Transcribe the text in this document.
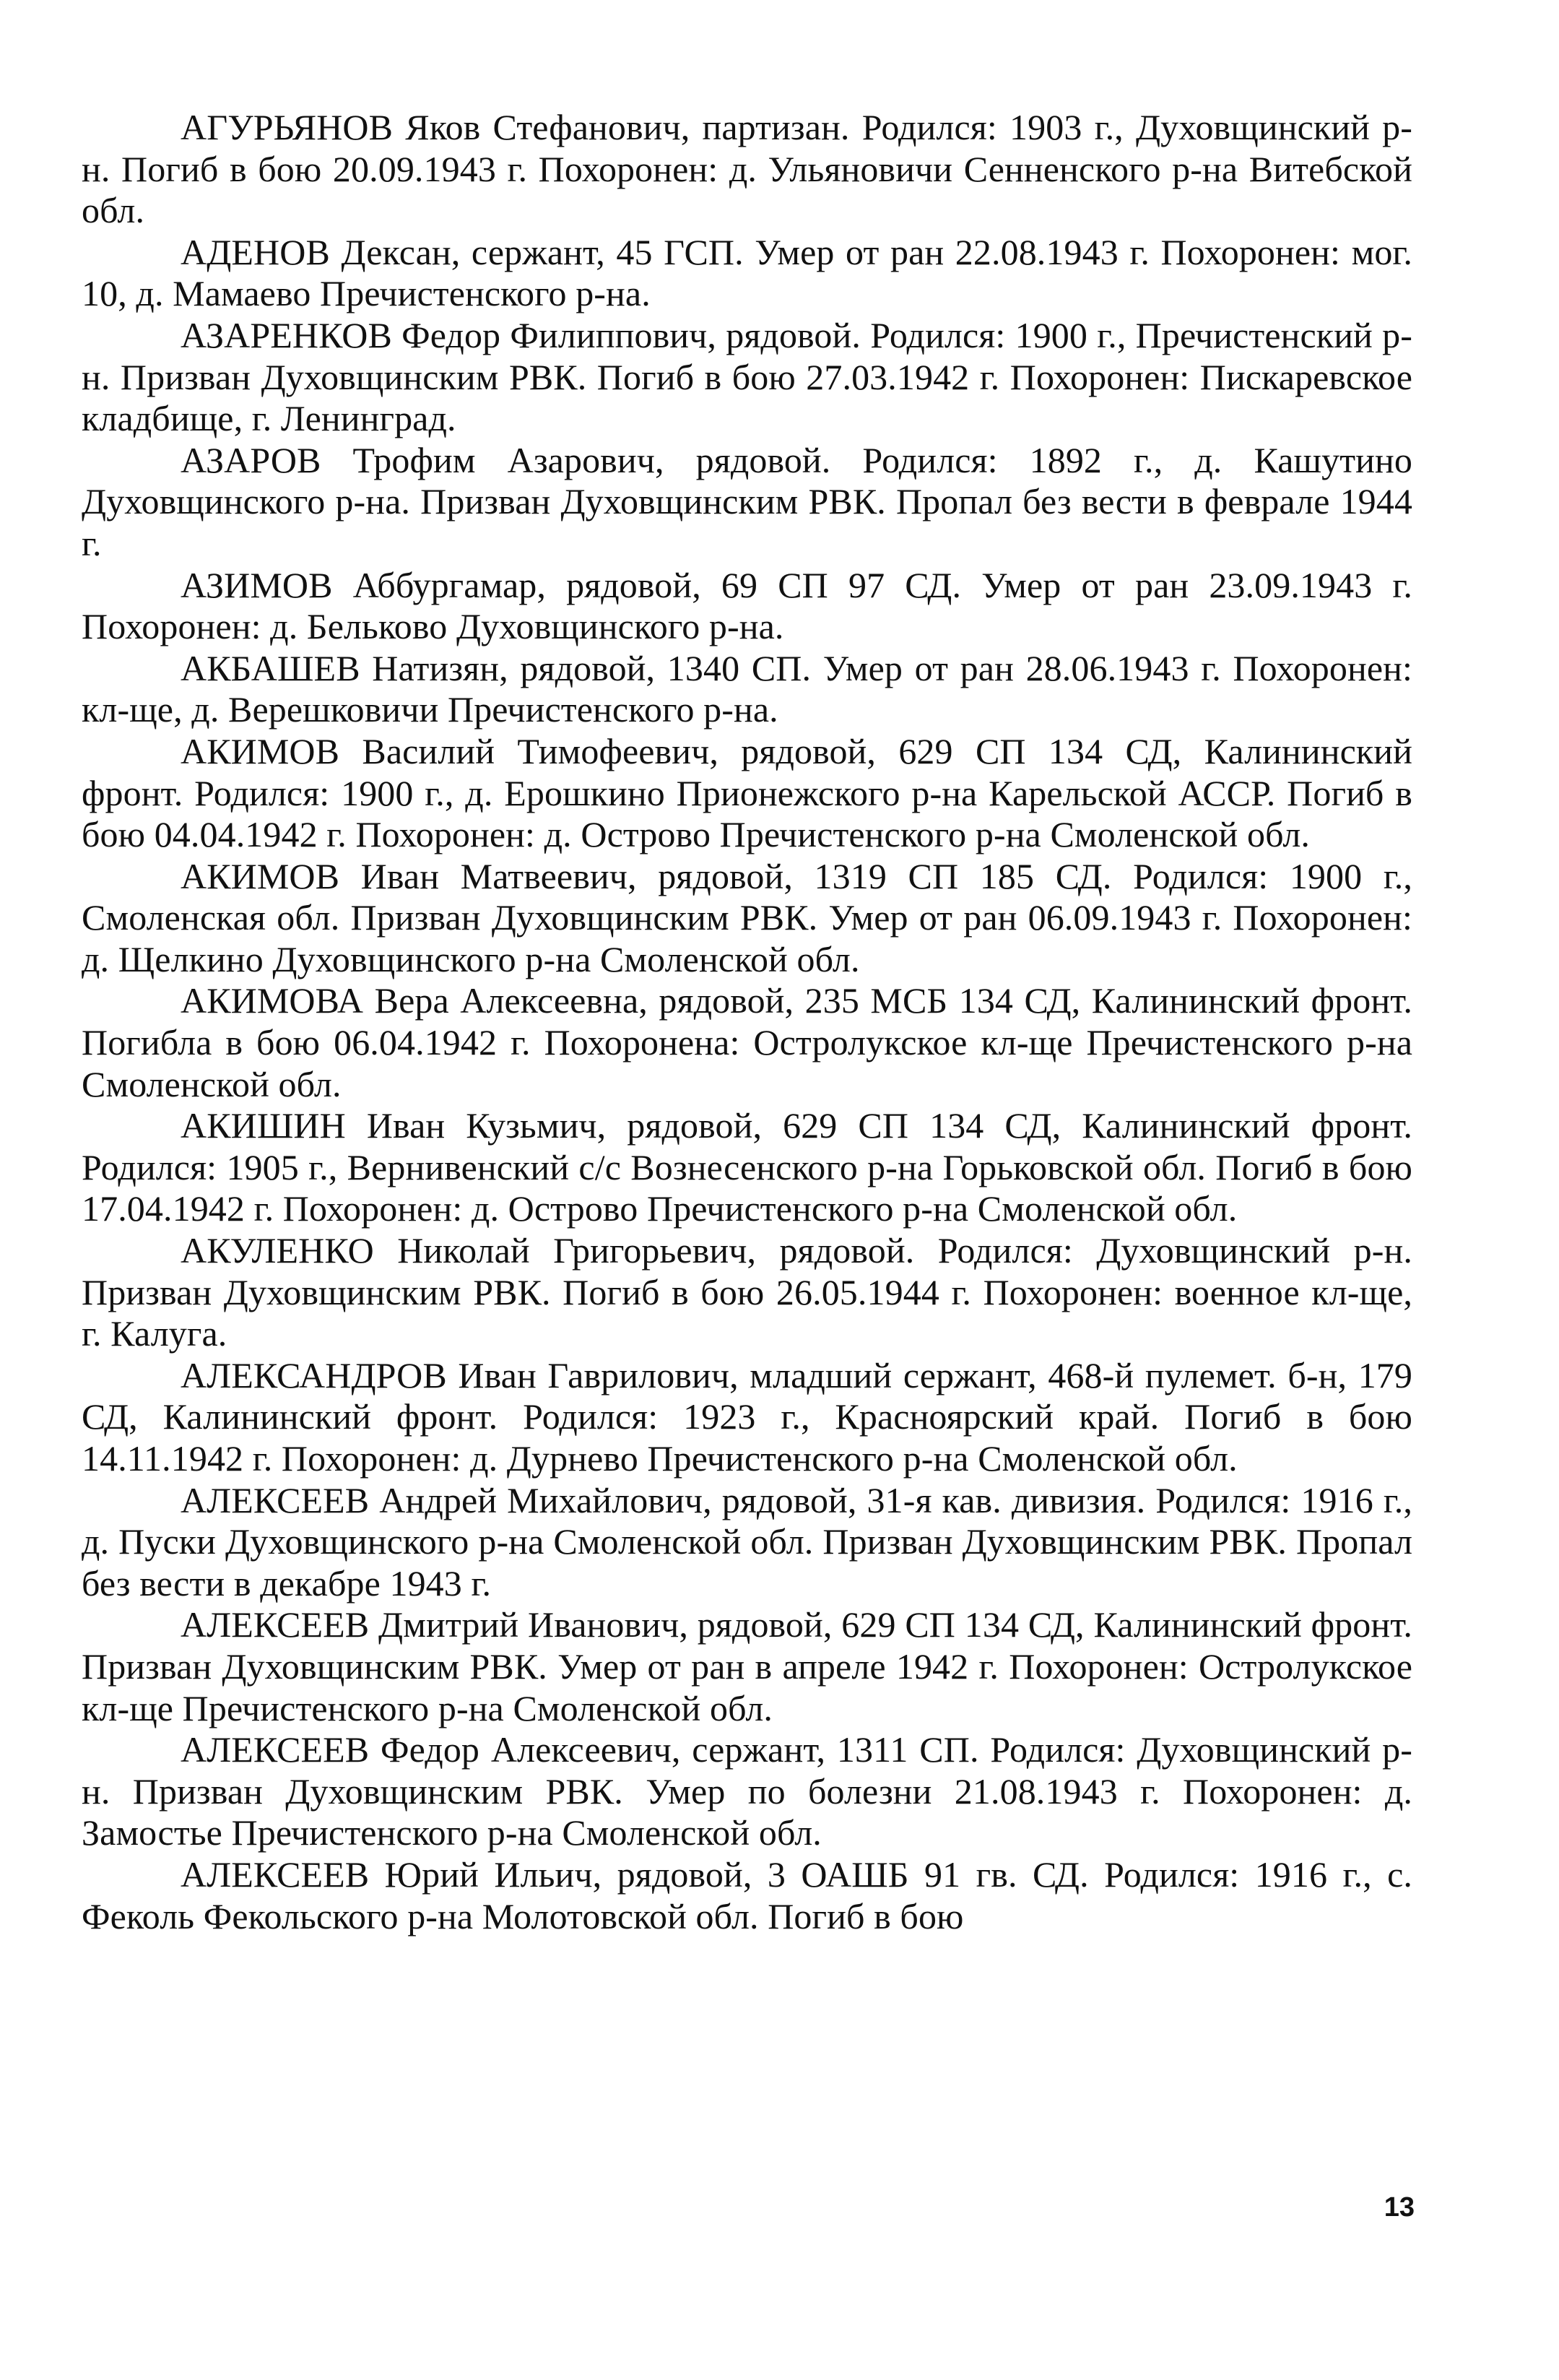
АГУРЬЯНОВ Яков Стефанович, партизан. Родился: 1903 г., Духовщинский р-н. Погиб в бою 20.09.1943 г. Похоронен: д. Ульяновичи Сенненского р-на Витебской обл.

АДЕНОВ Дексан, сержант, 45 ГСП. Умер от ран 22.08.1943 г. Похоронен: мог. 10, д. Мамаево Пречистенского р-на.

АЗАРЕНКОВ Федор Филиппович, рядовой. Родился: 1900 г., Пречистенский р-н. Призван Духовщинским РВК. Погиб в бою 27.03.1942 г. Похоронен: Пискаревское кладбище, г. Ленинград.

АЗАРОВ Трофим Азарович, рядовой. Родился: 1892 г., д. Кашутино Духовщинского р-на. Призван Духовщинским РВК. Пропал без вести в феврале 1944 г.

АЗИМОВ Аббургамар, рядовой, 69 СП 97 СД. Умер от ран 23.09.1943 г. Похоронен: д. Бельково Духовщинского р-на.

АКБАШЕВ Натизян, рядовой, 1340 СП. Умер от ран 28.06.1943 г. Похоронен: кл-ще, д. Верешковичи Пречистенского р-на.

АКИМОВ Василий Тимофеевич, рядовой, 629 СП 134 СД, Калининский фронт. Родился: 1900 г., д. Ерошкино Прионежского р-на Карельской АССР. Погиб в бою 04.04.1942 г. Похоронен: д. Острово Пречистенского р-на Смоленской обл.

АКИМОВ Иван Матвеевич, рядовой, 1319 СП 185 СД. Родился: 1900 г., Смоленская обл. Призван Духовщинским РВК. Умер от ран 06.09.1943 г. Похоронен: д. Щелкино Духовщинского р-на Смоленской обл.

АКИМОВА Вера Алексеевна, рядовой, 235 МСБ 134 СД, Калининский фронт. Погибла в бою 06.04.1942 г. Похоронена: Остролукское кл-ще Пречистенского р-на Смоленской обл.

АКИШИН Иван Кузьмич, рядовой, 629 СП 134 СД, Калининский фронт. Родился: 1905 г., Вернивенский с/с Вознесенского р-на Горьковской обл. Погиб в бою 17.04.1942 г. Похоронен: д. Острово Пречистенского р-на Смоленской обл.

АКУЛЕНКО Николай Григорьевич, рядовой. Родился: Духовщинский р-н. Призван Духовщинским РВК. Погиб в бою 26.05.1944 г. Похоронен: военное кл-ще, г. Калуга.

АЛЕКСАНДРОВ Иван Гаврилович, младший сержант, 468-й пулемет. б-н, 179 СД, Калининский фронт. Родился: 1923 г., Красноярский край. Погиб в бою 14.11.1942 г. Похоронен: д. Дурнево Пречистенского р-на Смоленской обл.

АЛЕКСЕЕВ Андрей Михайлович, рядовой, 31-я кав. дивизия. Родился: 1916 г., д. Пуски Духовщинского р-на Смоленской обл. Призван Духовщинским РВК. Пропал без вести в декабре 1943 г.

АЛЕКСЕЕВ Дмитрий Иванович, рядовой, 629 СП 134 СД, Калининский фронт. Призван Духовщинским РВК. Умер от ран в апреле 1942 г. Похоронен: Остролукское кл-ще Пречистенского р-на Смоленской обл.

АЛЕКСЕЕВ Федор Алексеевич, сержант, 1311 СП. Родился: Духовщинский р-н. Призван Духовщинским РВК. Умер по болезни 21.08.1943 г. Похоронен: д. Замостье Пречистенского р-на Смоленской обл.

АЛЕКСЕЕВ Юрий Ильич, рядовой, 3 ОАШБ 91 гв. СД. Родился: 1916 г., с. Феколь Фекольского р-на Молотовской обл. Погиб в бою

13
